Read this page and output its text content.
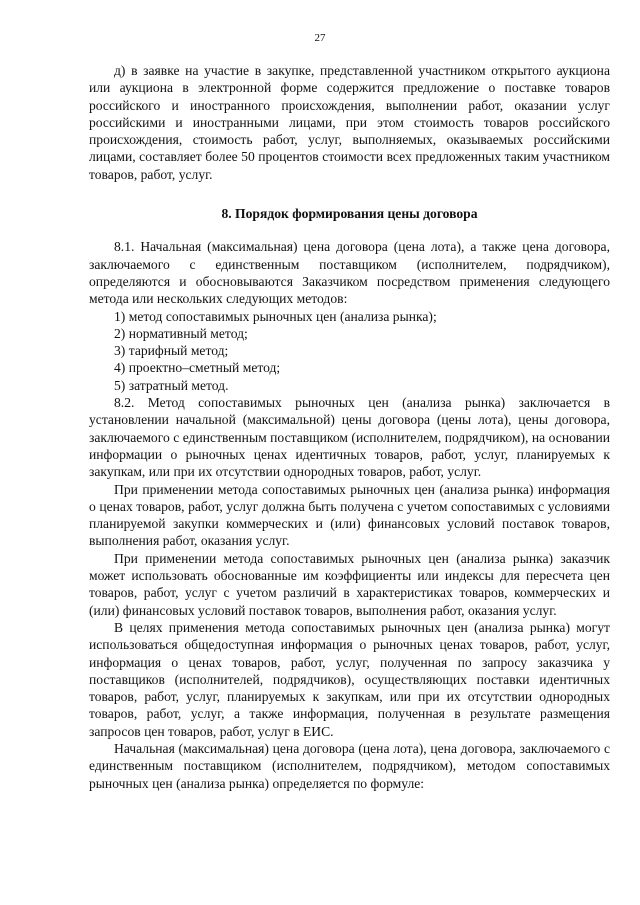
27

д) в заявке на участие в закупке, представленной участником открытого аукциона или аукциона в электронной форме содержится предложение о поставке товаров российского и иностранного происхождения, выполнении работ, оказании услуг российскими и иностранными лицами, при этом стоимость товаров российского происхождения, стоимость работ, услуг, выполняемых, оказываемых российскими лицами, составляет более 50 процентов стоимости всех предложенных таким участником товаров, работ, услуг.

8. Порядок формирования цены договора

8.1. Начальная (максимальная) цена договора (цена лота), а также цена договора, заключаемого с единственным поставщиком (исполнителем, подрядчиком), определяются и обосновываются Заказчиком посредством применения следующего метода или нескольких следующих методов:

1) метод сопоставимых рыночных цен (анализа рынка);

2) нормативный метод;

3) тарифный метод;

4) проектно–сметный метод;

5) затратный метод.

8.2. Метод сопоставимых рыночных цен (анализа рынка) заключается в установлении начальной (максимальной) цены договора (цены лота), цены договора, заключаемого с единственным поставщиком (исполнителем, подрядчиком), на основании информации о рыночных ценах идентичных товаров, работ, услуг, планируемых к закупкам, или при их отсутствии однородных товаров, работ, услуг.

При применении метода сопоставимых рыночных цен (анализа рынка) информация о ценах товаров, работ, услуг должна быть получена с учетом сопоставимых с условиями планируемой закупки коммерческих и (или) финансовых условий поставок товаров, выполнения работ, оказания услуг.

При применении метода сопоставимых рыночных цен (анализа рынка) заказчик может использовать обоснованные им коэффициенты или индексы для пересчета цен товаров, работ, услуг с учетом различий в характеристиках товаров, коммерческих и (или) финансовых условий поставок товаров, выполнения работ, оказания услуг.

В целях применения метода сопоставимых рыночных цен (анализа рынка) могут использоваться общедоступная информация о рыночных ценах товаров, работ, услуг, информация о ценах товаров, работ, услуг, полученная по запросу заказчика у поставщиков (исполнителей, подрядчиков), осуществляющих поставки идентичных товаров, работ, услуг, планируемых к закупкам, или при их отсутствии однородных товаров, работ, услуг, а также информация, полученная в результате размещения запросов цен товаров, работ, услуг в ЕИС.

Начальная (максимальная) цена договора (цена лота), цена договора, заключаемого с единственным поставщиком (исполнителем, подрядчиком), методом сопоставимых рыночных цен (анализа рынка) определяется по формуле:
